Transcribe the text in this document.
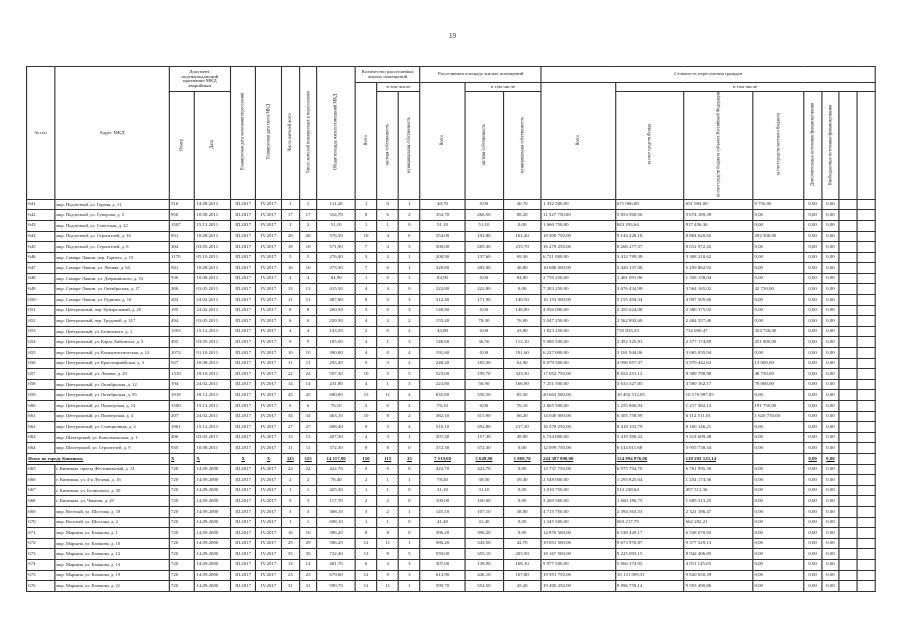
19
№ п/п	Адрес МКД	Документ, подтверждающий признание МКД аварийным		Планируемая дата окончания переселения	Планируемая дата сноса МКД	Число жителей всего	Число жителей планируемых к переселению	Общая площадь жилых помещений МКД	Количество расселяемых жилых помещений			Расселяемая площадь жилых помещений			Стоимость переселения граждан							
									Всего	в том числе		Всего	в том числе		Всего	в том числе						
										частная собственность	муниципальная собственность		частная собственность	муниципальная собственность		за счет средств Фонда	за счет средств бюджета субъекта Российской Федерации	за счет средств местного бюджета	Дополнительные источники финансирования	Внебюджетные источники финансирования		
		Номер	Дата																			
641	мкр. Подлесный, ул. Горная, д. 11	516	14.08.2011	III.2017	IV.2017	1	1	111,20	1	0	1	40,70	0,00	40,70	1 332 500,00	671 066,00	651 984,00	9 750,00	0,00	0,00		
642	мкр. Подлесный, ул. Суворова, д. 5	950	10.08.2011	III.2017	IV.2017	17	17	354,70	8	6	2	354,70	266,50	88,20	11 527 750,00	5 853 560,56	5 674 189,39	0,00	0,00	0,00		
643	мкр. Подлесный, ул. Советская, д. 22	1507	15.12.2011	III.2017	IV.2017	2	2	51,10	1	1	0	51,10	51,10	0,00	1 660 750,00	843 293,64	817 456,36	0,00	0,00	0,00		
644	мкр. Подлесный, ул. Строителей, д. 16	931	10.08.2011	III.2017	IV.2017	26	26	576,50	10	4	6	354,00	192,80	161,20	18 300 750,00	9 144 228,18	8 864 020,82	292 500,00	0,00	0,00		
645	мкр. Подлесный, ул. Строителей, д. 8	304	03.05.2011	III.2017	IV.2017	18	18	571,90	7	4	3	500,00	285,30	215,70	16 279 250,00	8 266 277,57	8 012 972,43	0,00	0,00	0,00		
646	мкр. Самаро-Лашин, пер. Горного, д. 15	1170	05.10.2011	III.2017	IV.2017	5	5	276,40	3	2	1	208,90	137,60	69,30	6 721 000,00	3 412 789,38	3 308 210,62	0,00	0,00	0,00		
647	мкр. Самаро-Лашин, ул. Ленина, д. 64	941	10.08.2011	III.2017	IV.2017	16	16	373,30	7	6	1	328,80	282,00	46,80	10 686 000,00	5 426 137,08	5 259 862,92	0,00	0,00	0,00		
648	мкр. Самаро-Лашин, ул. Дзержинского, д. 53	936	10.08.2011	III.2017	IV.2017	4	4	84,90	1	0	1	84,90	0,00	84,90	2 759 250,00	1 401 091,96	1 358 158,04	0,00	0,00	0,00		
649	мкр. Самаро-Лашин, ул. Октябрьская, д. 17	306	03.05.2011	III.2017	IV.2017	13	13	415,50	4	4	0	222,80	222,80	0,00	7 283 250,00	3 676 434,98	3 564 165,02	42 750,00	0,00	0,00		
650	мкр. Самаро-Лашин, ул. Рудника, д. 16	203	24.02.2011	III.2017	IV.2017	11	11	487,80	8	5	3	312,40	171,90	140,50	10 153 000,00	5 155 494,34	4 997 505,66	0,00	0,00	0,00		
651	мкр. Центральный, пер. Центральный, д. 20	195	24.02.2011	III.2017	IV.2017	8	8	260,50	3	0	3	148,80	0,00	148,80	4 836 000,00	2 455 624,08	2 380 375,92	0,00	0,00	0,00		
652	мкр. Центральный, пер. Трудовой, д. 317	494	03.05.2011	III.2017	IV.2017	6	6	229,50	4	2	2	155,20	78,30	76,90	5 047 250,00	2 562 892,60	2 484 357,40	0,00	0,00	0,00		
653	мкр. Центральный, ул. Белинского, д. 1	1503	15.12.2011	III.2017	IV.2017	4	4	143,50	2	0	2	43,80	0,00	43,80	1 823 250,00	735 833,33	732 690,47	354 726,00	0,00	0,00		
654	мкр. Центральный, ул. Карла Либкнехта, д. 3	495	03.05.2011	III.2017	IV.2017	9	9	185,00	4	1	3	148,60	36,50	112,10	5 080 500,00	2 452 325,81	2 377 174,89	251 000,00	0,00	0,00		
655	мкр. Центральный, ул. Коммунистическая, д. 12	1072	01.10.2011	III.2017	IV.2017	10	10	390,00	4	0	4	191,60	0,00	191,60	6 227 000,00	3 161 944,06	3 065 055,94	0,00	0,00	0,00		
656	мкр. Центральный, ул. Красноармейская, д. 3	927	10.08.2011	III.2017	IV.2017	11	11	293,20	5	3	2	248,20	185,30	62,90	8 079 500,00	4 096 057,37	3 970 442,63	13 000,00	0,00	0,00		
657	мкр. Центральный, ул. Ленина, д. 20	1310	19.10.2011	III.2017	IV.2017	22	22	597,30	10	5	5	523,00	199,70	323,30	17 052 750,00	8 654 251,12	8 389 798,88	48 750,00	0,00	0,00		
658	мкр. Центральный, ул. Октябрьская, д. 12	194	24.02.2011	III.2017	IV.2017	14	14	231,80	4	1	3	223,80	56,90	166,90	7 251 500,00	3 633 327,85	3 580 162,17	78 000,00	0,00	0,00		
659	мкр. Центральный, ул. Октябрьская, д. 95	1918	18.12.2011	III.2017	IV.2017	45	45	680,00	15	11	4	635,80	550,50	85,30	20 663 500,00	10 492 512,05	10 170 987,95	0,00	0,00	0,00		
660	мкр. Центральный, ул. Пионерская, д. 14	1500	15.12.2011	III.2017	IV.2017	6	6	76,10	2	0	2	76,10	0,00	76,10	2 665 500,00	1 255 866,94	1 217 382,12	191 750,00	0,00	0,00		
661	мкр. Центральный, ул. Пионерская, д. 4	207	24.02.2011	III.2017	IV.2017	34	34	463,10	10	8	2	382,10	315,90	66,20	14 040 000,00	6 305 758,99	6 112 511,01	1 620 750,00	0,00	0,00		
662	мкр. Центральный, ул. Станционная, д. 4	1961	15.12.2011	III.2017	IV.2017	27	27	608,40	9	5	4	510,10	292,80	217,30	16 578 250,00	8 418 103,79	8 160 146,21	0,00	0,00	0,00		
663	мкр. Шахтерский, ул. Комсомольская, д. 1	496	03.05.2011	III.2017	IV.2017	15	15	207,30	4	3	1	207,30	157,30	49,90	6 734 000,00	3 419 390,22	3 314 609,48	0,00	0,00	0,00		
664	мкр. Шахтерский, ул. Строителей, д. 9	935	10.08.2011	III.2017	IV.2017	11	11	372,30	8	8	0	372,30	372,30	0,00	12 099 750,00	6 144 011,68	5 955 738,34	0,00	0,00	0,00		
Итого по городу Кинешма:		X	X	X	X	325	325	14 117,00	150	115	35	7 519,60	5 649,90	1 869,70	244 387 000,00	124 094 876,06	120 292 123,14		0,00	0,00		
665	г. Кинешма, проезд Фестивальный, д. 14	720	14.09.2000	III.2017	IV.2017	22	22	422,70	9	9	0	422,70	422,70	0,00	13 737 750,00	6 975 754,70	6 761 995,30	0,00	0,00	0,00		
666	г. Кинешма, ул. 4-я Луговая, д. 16	720	14.09.2000	III.2017	IV.2017	2	2	78,40	2	1	1	78,40	39,00	39,40	2 548 000,00	1 293 825,64	1 254 174,36	0,00	0,00	0,00		
667	г. Кинешма, ул. Белинского, д. 39	720	14.09.2000	III.2017	IV.2017	1	1	425,30	1	1	0	31,10	31,10	0,00	1 010 750,00	513 238,64	497 511,36	0,00	0,00	0,00		
668	г. Кинешма, ул. Чапаева, д. 29	720	14.09.2000	III.2017	IV.2017	3	3	117,70	2	2	0	100,00	100,00	0,00	3 269 500,00	1 660 186,75	1 609 313,25	0,00	0,00	0,00		
669	мкр. Веселый, ул. Шостака, д. 18	720	14.09.2000	III.2017	IV.2017	3	3	368,10	3	2	1	145,10	107,10	38,00	4 715 750,00	2 394 563,53	2 321 186,47	0,00	0,00	0,00		
670	мкр. Веселый, ул. Шостака, д. 2	720	14.09.2000	III.2017	IV.2017	1	1	698,10	1	1	0	41,40	41,40	0,00	1 345 500,00	683 217,79	662 282,21	0,00	0,00	0,00		
671	мкр. Марьяна, ул. Казакова, д. 1	720	14.09.2000	III.2017	IV.2017	16	16	396,20	8	8	0	396,20	396,20	0,00	12 876 500,00	6 538 429,17	6 338 070,83	0,00	0,00	0,00		
672	мкр. Марьяна, ул. Казакова, д. 10	720	14.09.2000	III.2017	IV.2017	29	29	586,20	12	11	1	586,20	543,50	42,70	19 051 500,00	9 673 970,87	9 377 529,13	0,00	0,00	0,00		
673	мкр. Марьяна, ул. Казакова, д. 12	720	14.09.2000	III.2017	IV.2017	35	35	722,40	13	8	5	559,00	355,10	203,90	18 167 500,00	9 225 093,15	8 942 406,85	0,00	0,00	0,00		
674	мкр. Марьяна, ул. Казакова, д. 14	720	14.09.2000	III.2017	IV.2017	14	14	401,70	6	3	3	307,00	138,90	168,10	9 977 500,00	5 066 374,95	4 911 125,05	0,00	0,00	0,00		
675	мкр. Марьяна, ул. Казакова, д. 19	720	14.09.2000	III.2017	IV.2017	23	23	679,60	12	9	3	613,90	446,10	167,80	19 951 750,00	10 131 099,51	9 820 650,39	0,00	0,00	0,00		
676	мкр. Марьяна, ул. Казакова, д. 21	720	14.09.2000	III.2017	IV.2017	31	31	599,70	12	11	1	599,70	554,50	45,20	19 490 250,00	9 896 759,14	9 593 490,86	0,00	0,00	0,00		
